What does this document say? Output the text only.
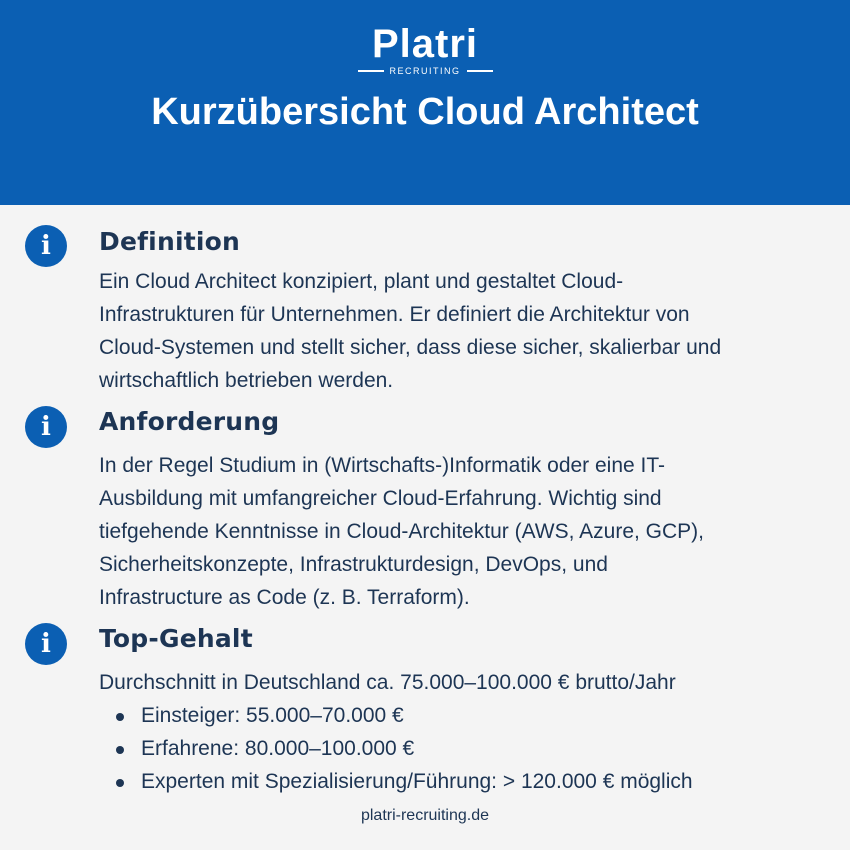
Platri
RECRUITING
Kurzübersicht Cloud Architect
i	Definition
Ein Cloud Architect konzipiert, plant und gestaltet Cloud-
Infrastrukturen für Unternehmen. Er definiert die Architektur von
Cloud-Systemen und stellt sicher, dass diese sicher, skalierbar und
wirtschaftlich betrieben werden.
i	Anforderung
In der Regel Studium in (Wirtschafts-)Informatik oder eine IT-
Ausbildung mit umfangreicher Cloud-Erfahrung. Wichtig sind
tiefgehende Kenntnisse in Cloud-Architektur (AWS, Azure, GCP),
Sicherheitskonzepte, Infrastrukturdesign, DevOps, und
Infrastructure as Code (z. B. Terraform).
i	Top-Gehalt
Durchschnitt in Deutschland ca. 75.000–100.000 € brutto/Jahr
Einsteiger: 55.000–70.000 €
Erfahrene: 80.000–100.000 €
Experten mit Spezialisierung/Führung: > 120.000 € möglich
platri-recruiting.de
